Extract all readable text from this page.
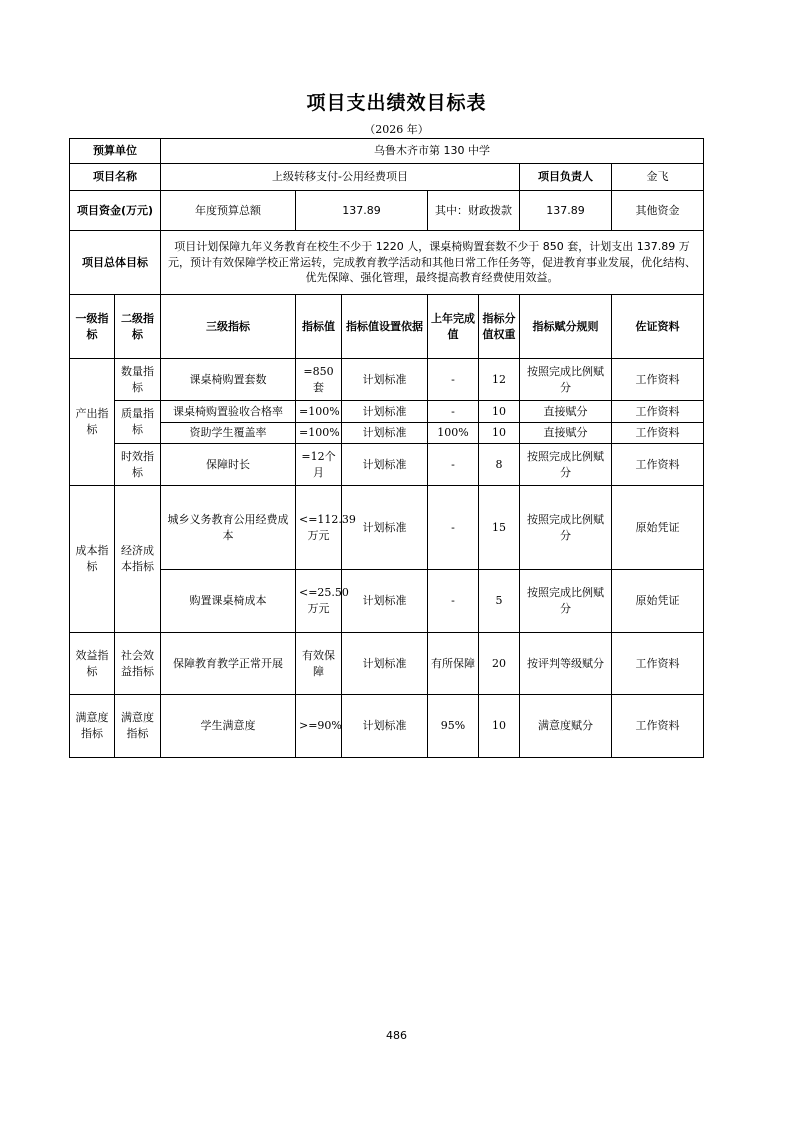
项目支出绩效目标表
（2026 年）
预算单位		乌鲁木齐市第 130 中学							
项目名称		上级转移支付-公用经费项目					项目负责人	金飞	
项目资金(万元)		年度预算总额	137.89		其中：财政拨款		137.89	其他资金	
项目总体目标		项目计划保障九年义务教育在校生不少于 1220 人，课桌椅购置套数不少于 850 套，计划支出 137.89 万元，预计有效保障学校正常运转，完成教育教学活动和其他日常工作任务等，促进教育事业发展，优化结构、优先保障、强化管理，最终提高教育经费使用效益。							
一级指标	二级指标	三级指标	指标值	指标值设置依据	上年完成值	指标分值权重	指标赋分规则	佐证资料	
产出指标	数量指标	课桌椅购置套数	=850套	计划标准	-	12	按照完成比例赋分	工作资料	
	质量指标	课桌椅购置验收合格率	=100%	计划标准	-	10	直接赋分	工作资料	
		资助学生覆盖率	=100%	计划标准	100%	10	直接赋分	工作资料	
	时效指标	保障时长	=12个月	计划标准	-	8	按照完成比例赋分	工作资料	
成本指标	经济成本指标	城乡义务教育公用经费成本	<=112.39万元	计划标准	-	15	按照完成比例赋分	原始凭证	
		购置课桌椅成本	<=25.50万元	计划标准	-	5	按照完成比例赋分	原始凭证	
效益指标	社会效益指标	保障教育教学正常开展	有效保障	计划标准	有所保障	20	按评判等级赋分	工作资料	
满意度指标	满意度指标	学生满意度	>=90%	计划标准	95%	10	满意度赋分	工作资料	
486
